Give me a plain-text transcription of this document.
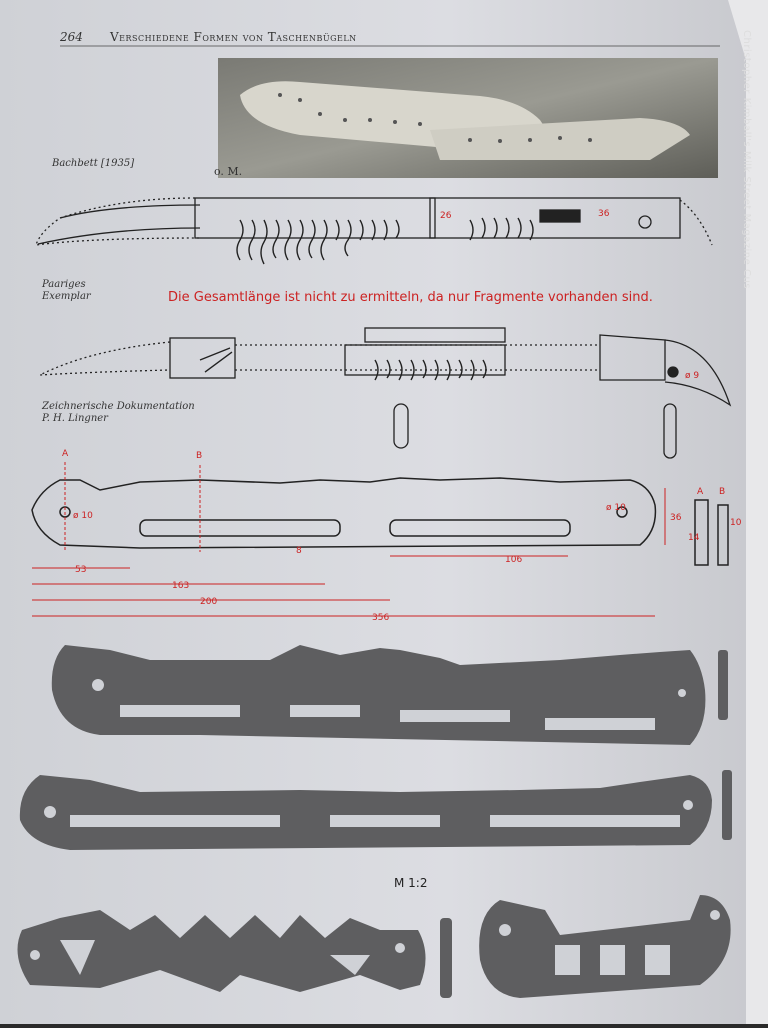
26	36
ø 9
A	B
ø 10
ø 10
36
8
106
53
163
200
356
A B
14
10
264 Verschiedene Formen von Taschenbügeln	Christopher Kimball's Milk Street Magazine Cus
Bachbett [1935]
o. M.
Paariges
Exemplar
Zeichnerische Dokumentation
P. H. Lingner
Die Gesamtlänge ist nicht zu ermitteln, da nur Fragmente vorhanden sind.
M 1:2
